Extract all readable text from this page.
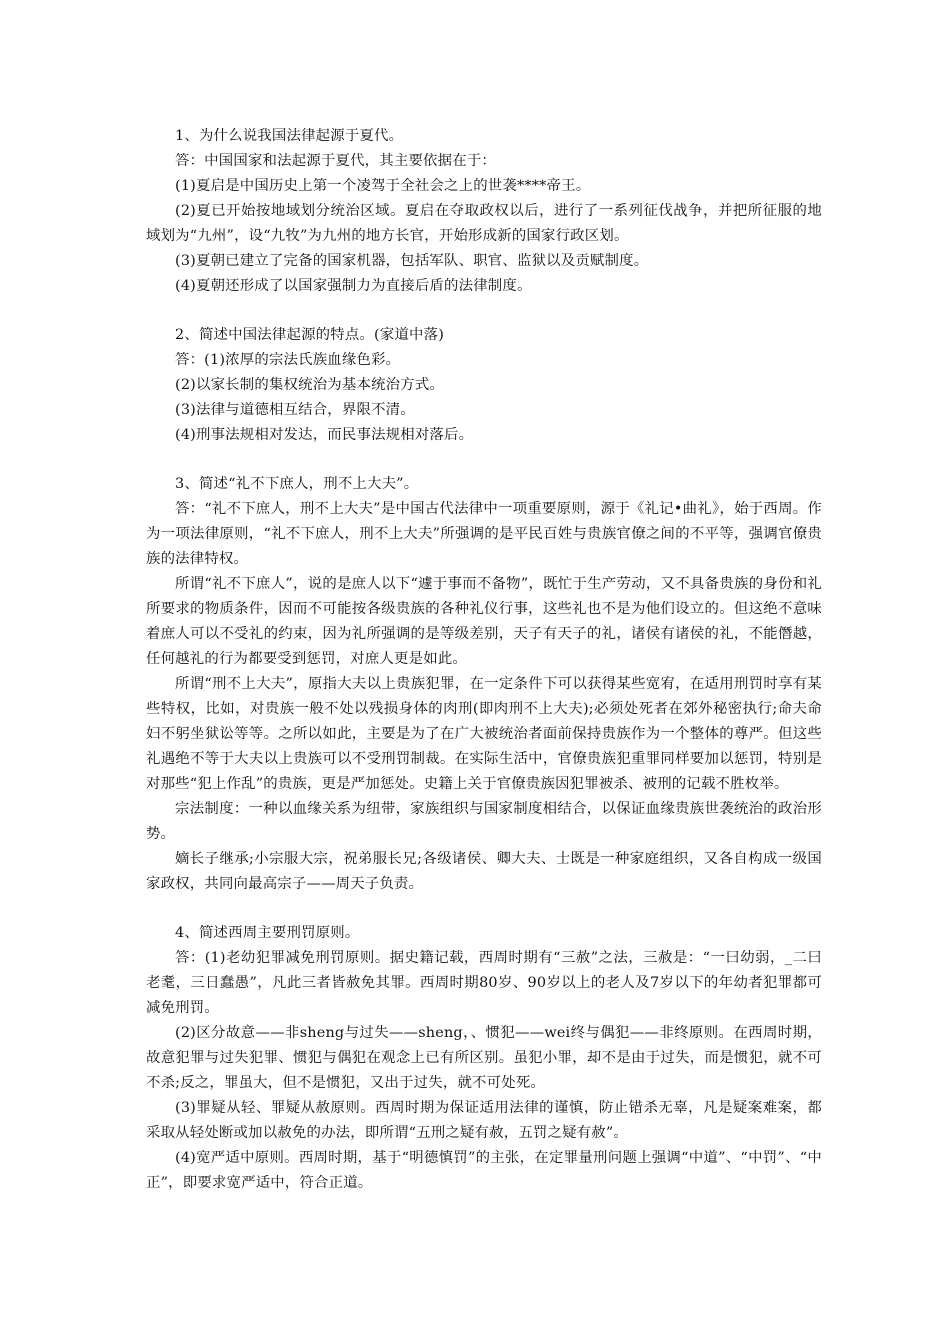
1、为什么说我国法律起源于夏代。

答：中国国家和法起源于夏代，其主要依据在于：

(1)夏启是中国历史上第一个凌驾于全社会之上的世袭****帝王。

(2)夏已开始按地域划分统治区域。夏启在夺取政权以后，进行了一系列征伐战争，并把所征服的地域划为“九州”，设“九牧”为九州的地方长官，开始形成新的国家行政区划。

(3)夏朝已建立了完备的国家机器，包括军队、职官、监狱以及贡赋制度。

(4)夏朝还形成了以国家强制力为直接后盾的法律制度。

2、简述中国法律起源的特点。(家道中落)

答：(1)浓厚的宗法氏族血缘色彩。

(2)以家长制的集权统治为基本统治方式。

(3)法律与道德相互结合，界限不清。

(4)刑事法规相对发达，而民事法规相对落后。

3、简述“礼不下庶人，刑不上大夫”。

答：“礼不下庶人，刑不上大夫”是中国古代法律中一项重要原则，源于《礼记•曲礼》，始于西周。作为一项法律原则，“礼不下庶人，刑不上大夫”所强调的是平民百姓与贵族官僚之间的不平等，强调官僚贵族的法律特权。

所谓“礼不下庶人”，说的是庶人以下“遽于事而不备物”，既忙于生产劳动，又不具备贵族的身份和礼所要求的物质条件，因而不可能按各级贵族的各种礼仪行事，这些礼也不是为他们设立的。但这绝不意味着庶人可以不受礼的约束，因为礼所强调的是等级差别，天子有天子的礼，诸侯有诸侯的礼，不能僭越，任何越礼的行为都要受到惩罚，对庶人更是如此。

所谓“刑不上大夫”，原指大夫以上贵族犯罪，在一定条件下可以获得某些宽宥，在适用刑罚时享有某些特权，比如，对贵族一般不处以残损身体的肉刑(即肉刑不上大夫);必须处死者在郊外秘密执行;命夫命妇不躬坐狱讼等等。之所以如此，主要是为了在广大被统治者面前保持贵族作为一个整体的尊严。但这些礼遇绝不等于大夫以上贵族可以不受刑罚制裁。在实际生活中，官僚贵族犯重罪同样要加以惩罚，特别是对那些“犯上作乱”的贵族，更是严加惩处。史籍上关于官僚贵族因犯罪被杀、被刑的记载不胜枚举。

宗法制度：一种以血缘关系为纽带，家族组织与国家制度相结合，以保证血缘贵族世袭统治的政治形势。

嫡长子继承;小宗服大宗，祝弟服长兄;各级诸侯、卿大夫、士既是一种家庭组织，又各自构成一级国家政权，共同向最高宗子——周天子负责。

4、简述西周主要刑罚原则。

答：(1)老幼犯罪减免刑罚原则。据史籍记载，西周时期有“三赦”之法，三赦是：“一曰幼弱，_二曰老耄，三日蠢愚”，凡此三者皆赦免其罪。西周时期80岁、90岁以上的老人及7岁以下的年幼者犯罪都可减免刑罚。

(2)区分故意——非sheng与过失——sheng，、惯犯——wei终与偶犯——非终原则。在西周时期，故意犯罪与过失犯罪、惯犯与偶犯在观念上已有所区别。虽犯小罪，却不是由于过失，而是惯犯，就不可不杀;反之，罪虽大，但不是惯犯，又出于过失，就不可处死。

(3)罪疑从轻、罪疑从赦原则。西周时期为保证适用法律的谨慎，防止错杀无辜，凡是疑案难案，都采取从轻处断或加以赦免的办法，即所谓“五刑之疑有赦，五罚之疑有赦”。

(4)宽严适中原则。西周时期，基于“明德慎罚”的主张，在定罪量刑问题上强调“中道”、“中罚”、“中正”，即要求宽严适中，符合正道。
